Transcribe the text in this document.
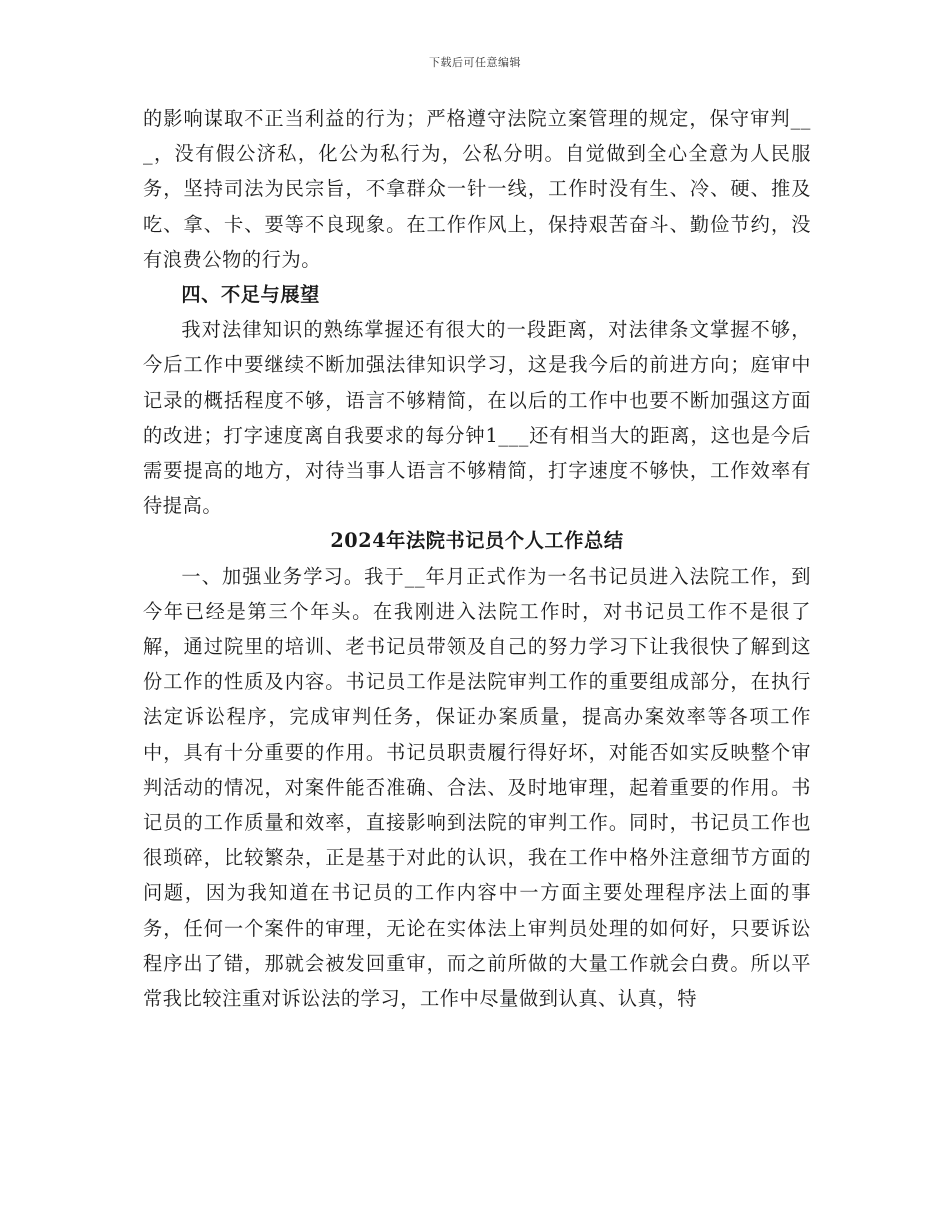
下载后可任意编辑

的影响谋取不正当利益的行为；严格遵守法院立案管理的规定，保守审判___，没有假公济私，化公为私行为，公私分明。自觉做到全心全意为人民服务，坚持司法为民宗旨，不拿群众一针一线，工作时没有生、冷、硬、推及吃、拿、卡、要等不良现象。在工作作风上，保持艰苦奋斗、勤俭节约，没有浪费公物的行为。

四、不足与展望

我对法律知识的熟练掌握还有很大的一段距离，对法律条文掌握不够，今后工作中要继续不断加强法律知识学习，这是我今后的前进方向；庭审中记录的概括程度不够，语言不够精简，在以后的工作中也要不断加强这方面的改进；打字速度离自我要求的每分钟1___还有相当大的距离，这也是今后需要提高的地方，对待当事人语言不够精简，打字速度不够快，工作效率有待提高。

2024年法院书记员个人工作总结

一、加强业务学习。我于__年月正式作为一名书记员进入法院工作，到今年已经是第三个年头。在我刚进入法院工作时，对书记员工作不是很了解，通过院里的培训、老书记员带领及自己的努力学习下让我很快了解到这份工作的性质及内容。书记员工作是法院审判工作的重要组成部分，在执行法定诉讼程序，完成审判任务，保证办案质量，提高办案效率等各项工作中，具有十分重要的作用。书记员职责履行得好坏，对能否如实反映整个审判活动的情况，对案件能否准确、合法、及时地审理，起着重要的作用。书记员的工作质量和效率，直接影响到法院的审判工作。同时，书记员工作也很琐碎，比较繁杂，正是基于对此的认识，我在工作中格外注意细节方面的问题，因为我知道在书记员的工作内容中一方面主要处理程序法上面的事务，任何一个案件的审理，无论在实体法上审判员处理的如何好，只要诉讼程序出了错，那就会被发回重审，而之前所做的大量工作就会白费。所以平常我比较注重对诉讼法的学习，工作中尽量做到认真、认真，特
